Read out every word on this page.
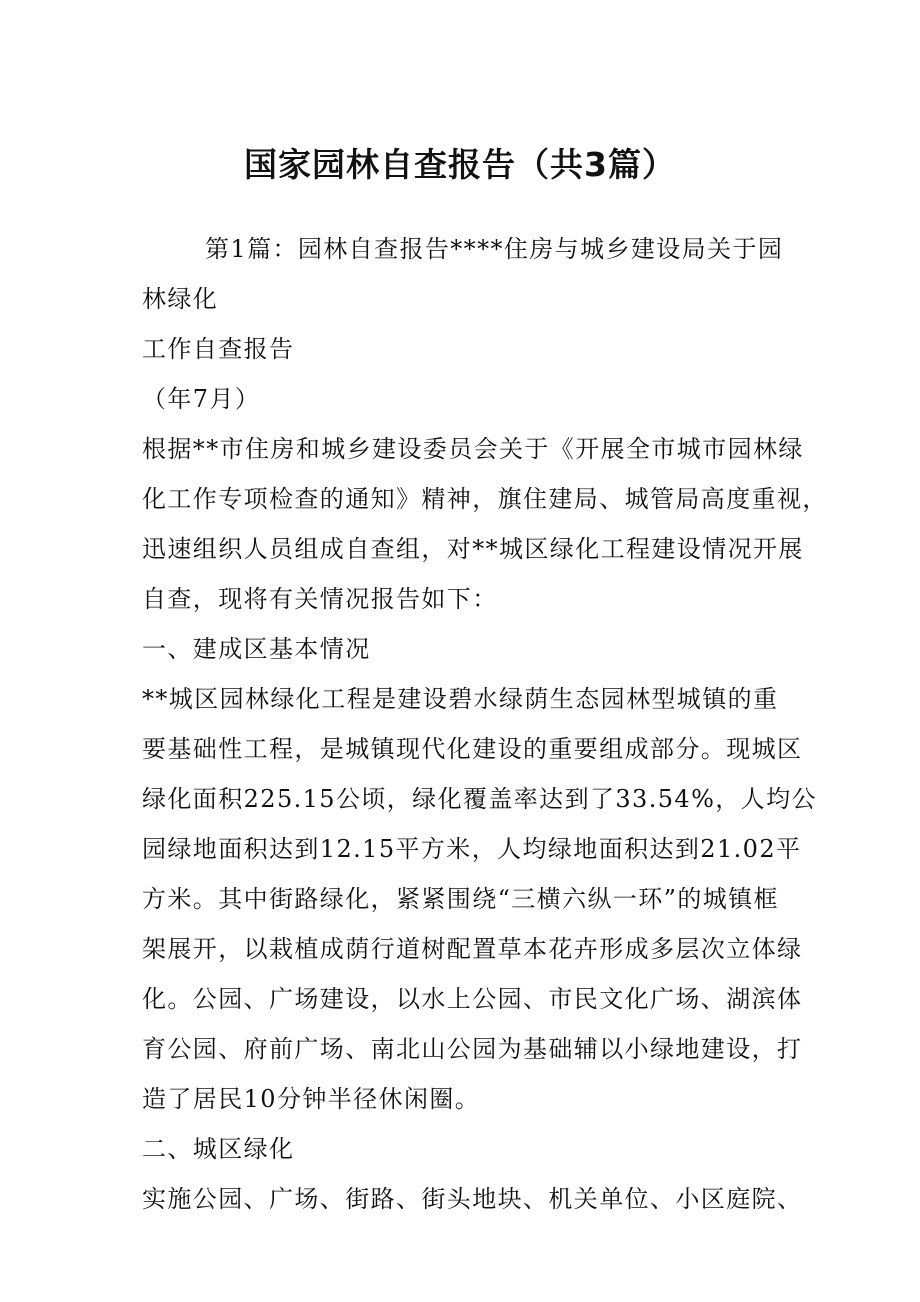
国家园林自查报告（共3篇）
第1篇：园林自查报告****住房与城乡建设局关于园
林绿化
工作自查报告
（年7月）
根据**市住房和城乡建设委员会关于《开展全市城市园林绿
化工作专项检查的通知》精神，旗住建局、城管局高度重视，
迅速组织人员组成自查组，对**城区绿化工程建设情况开展
自查，现将有关情况报告如下：
一、建成区基本情况
**城区园林绿化工程是建设碧水绿荫生态园林型城镇的重
要基础性工程，是城镇现代化建设的重要组成部分。现城区
绿化面积225.15公顷，绿化覆盖率达到了33.54%，人均公
园绿地面积达到12.15平方米，人均绿地面积达到21.02平
方米。其中街路绿化，紧紧围绕“三横六纵一环”的城镇框
架展开，以栽植成荫行道树配置草本花卉形成多层次立体绿
化。公园、广场建设，以水上公园、市民文化广场、湖滨体
育公园、府前广场、南北山公园为基础辅以小绿地建设，打
造了居民10分钟半径休闲圈。
二、城区绿化
实施公园、广场、街路、街头地块、机关单位、小区庭院、
